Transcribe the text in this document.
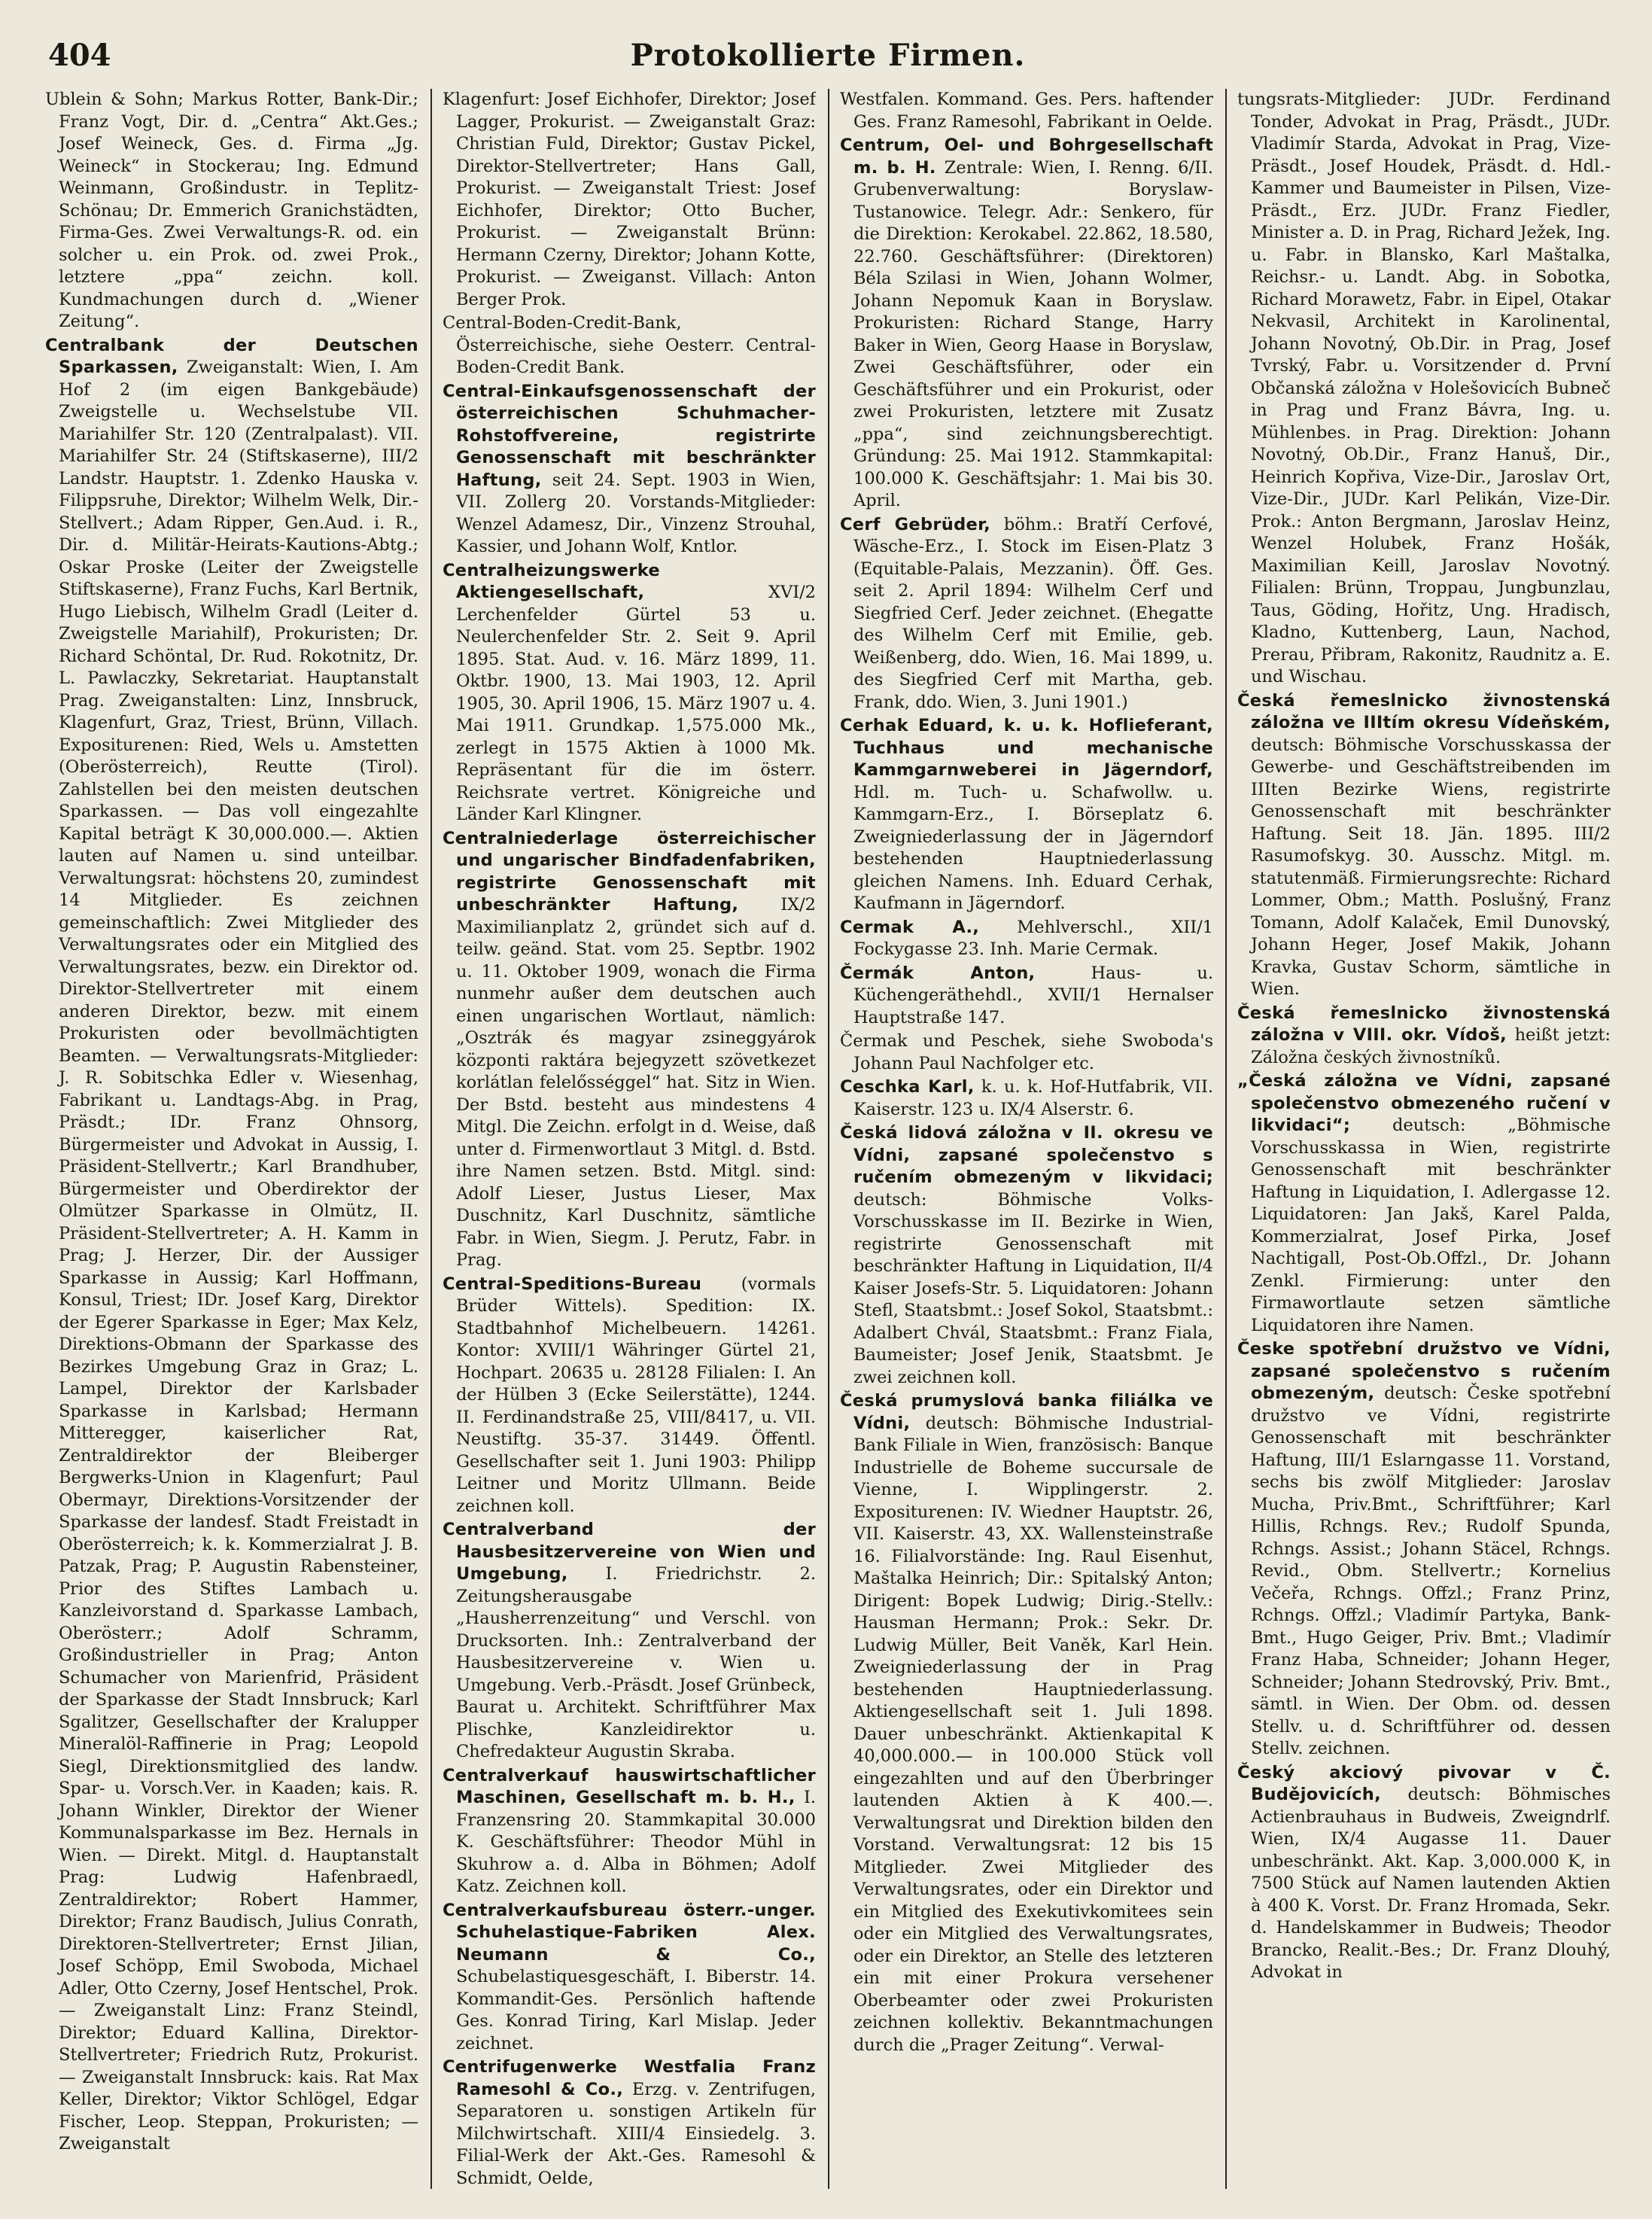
404	Protokollierte Firmen.

Ublein & Sohn; Markus Rotter, Bank-Dir.; Franz Vogt, Dir. d. „Centra“ Akt.Ges.; Josef Weineck, Ges. d. Firma „Jg. Weineck“ in Stockerau; Ing. Edmund Weinmann, Großindustr. in Teplitz-Schönau; Dr. Emmerich Granichstädten, Firma-Ges. Zwei Verwaltungs-R. od. ein solcher u. ein Prok. od. zwei Prok., letztere „ppa“ zeichn. koll. Kundmachungen durch d. „Wiener Zeitung“.

Centralbank der Deutschen Sparkassen, Zweiganstalt: Wien, I. Am Hof 2 (im eigen Bankgebäude) Zweigstelle u. Wechselstube VII. Mariahilfer Str. 120 (Zentralpalast). VII. Mariahilfer Str. 24 (Stiftskaserne), III/2 Landstr. Hauptstr. 1. Zdenko Hauska v. Filippsruhe, Direktor; Wilhelm Welk, Dir.-Stellvert.; Adam Ripper, Gen.Aud. i. R., Dir. d. Militär-Heirats-Kautions-Abtg.; Oskar Proske (Leiter der Zweigstelle Stiftskaserne), Franz Fuchs, Karl Bertnik, Hugo Liebisch, Wilhelm Gradl (Leiter d. Zweigstelle Mariahilf), Prokuristen; Dr. Richard Schöntal, Dr. Rud. Rokotnitz, Dr. L. Pawlaczky, Sekretariat. Hauptanstalt Prag. Zweiganstalten: Linz, Innsbruck, Klagenfurt, Graz, Triest, Brünn, Villach. Expositurenen: Ried, Wels u. Amstetten (Oberösterreich), Reutte (Tirol). Zahlstellen bei den meisten deutschen Sparkassen. — Das voll eingezahlte Kapital beträgt K 30,000.000.—. Aktien lauten auf Namen u. sind unteilbar. Verwaltungsrat: höchstens 20, zumindest 14 Mitglieder. Es zeichnen gemeinschaftlich: Zwei Mitglieder des Verwaltungsrates oder ein Mitglied des Verwaltungsrates, bezw. ein Direktor od. Direktor-Stellvertreter mit einem anderen Direktor, bezw. mit einem Prokuristen oder bevollmächtigten Beamten. — Verwaltungsrats-Mitglieder: J. R. Sobitschka Edler v. Wiesenhag, Fabrikant u. Landtags-Abg. in Prag, Präsdt.; IDr. Franz Ohnsorg, Bürgermeister und Advokat in Aussig, I. Präsident-Stellvertr.; Karl Brandhuber, Bürgermeister und Oberdirektor der Olmützer Sparkasse in Olmütz, II. Präsident-Stellvertreter; A. H. Kamm in Prag; J. Herzer, Dir. der Aussiger Sparkasse in Aussig; Karl Hoffmann, Konsul, Triest; IDr. Josef Karg, Direktor der Egerer Sparkasse in Eger; Max Kelz, Direktions-Obmann der Sparkasse des Bezirkes Umgebung Graz in Graz; L. Lampel, Direktor der Karlsbader Sparkasse in Karlsbad; Hermann Mitteregger, kaiserlicher Rat, Zentraldirektor der Bleiberger Bergwerks-Union in Klagenfurt; Paul Obermayr, Direktions-Vorsitzender der Sparkasse der landesf. Stadt Freistadt in Oberösterreich; k. k. Kommerzialrat J. B. Patzak, Prag; P. Augustin Rabensteiner, Prior des Stiftes Lambach u. Kanzleivorstand d. Sparkasse Lambach, Oberösterr.; Adolf Schramm, Großindustrieller in Prag; Anton Schumacher von Marienfrid, Präsident der Sparkasse der Stadt Innsbruck; Karl Sgalitzer, Gesellschafter der Kralupper Mineralöl-Raffinerie in Prag; Leopold Siegl, Direktionsmitglied des landw. Spar- u. Vorsch.Ver. in Kaaden; kais. R. Johann Winkler, Direktor der Wiener Kommunalsparkasse im Bez. Hernals in Wien. — Direkt. Mitgl. d. Hauptanstalt Prag: Ludwig Hafenbraedl, Zentraldirektor; Robert Hammer, Direktor; Franz Baudisch, Julius Conrath, Direktoren-Stellvertreter; Ernst Jilian, Josef Schöpp, Emil Swoboda, Michael Adler, Otto Czerny, Josef Hentschel, Prok. — Zweiganstalt Linz: Franz Steindl, Direktor; Eduard Kallina, Direktor-Stellvertreter; Friedrich Rutz, Prokurist. — Zweiganstalt Innsbruck: kais. Rat Max Keller, Direktor; Viktor Schlögel, Edgar Fischer, Leop. Steppan, Prokuristen; — Zweiganstalt

Klagenfurt: Josef Eichhofer, Direktor; Josef Lagger, Prokurist. — Zweiganstalt Graz: Christian Fuld, Direktor; Gustav Pickel, Direktor-Stellvertreter; Hans Gall, Prokurist. — Zweiganstalt Triest: Josef Eichhofer, Direktor; Otto Bucher, Prokurist. — Zweiganstalt Brünn: Hermann Czerny, Direktor; Johann Kotte, Prokurist. — Zweiganst. Villach: Anton Berger Prok.

Central-Boden-Credit-Bank, Österreichische, siehe Oesterr. Central-Boden-Credit Bank.

Central-Einkaufsgenossenschaft der österreichischen Schuhmacher-Rohstoffvereine, registrirte Genossenschaft mit beschränkter Haftung, seit 24. Sept. 1903 in Wien, VII. Zollerg 20. Vorstands-Mitglieder: Wenzel Adamesz, Dir., Vinzenz Strouhal, Kassier, und Johann Wolf, Kntlor.

Centralheizungswerke Aktiengesellschaft,	XVI/2 Lerchenfelder Gürtel 53 u. Neulerchenfelder Str. 2. Seit 9. April 1895. Stat. Aud. v. 16. März 1899, 11. Oktbr. 1900, 13. Mai 1903, 12. April 1905, 30. April 1906, 15. März 1907 u. 4. Mai 1911. Grundkap. 1,575.000 Mk., zerlegt in 1575 Aktien à 1000 Mk. Repräsentant für die im österr. Reichsrate vertret. Königreiche und Länder Karl Klingner.

Centralniederlage österreichischer und ungarischer Bindfadenfabriken, registrirte Genossenschaft mit unbeschränkter Haftung, IX/2 Maximilianplatz 2, gründet sich auf d. teilw. geänd. Stat. vom 25. Septbr. 1902 u. 11. Oktober 1909, wonach die Firma nunmehr außer dem deutschen auch einen ungarischen Wortlaut, nämlich: „Osztrák és magyar zsineggyárok központi raktára bejegyzett szövetkezet korlátlan felelősséggel“ hat. Sitz in Wien. Der Bstd. besteht aus mindestens 4 Mitgl. Die Zeichn. erfolgt in d. Weise, daß unter d. Firmenwortlaut 3 Mitgl. d. Bstd. ihre Namen setzen. Bstd. Mitgl. sind: Adolf Lieser, Justus Lieser, Max Duschnitz, Karl Duschnitz, sämtliche Fabr. in Wien, Siegm. J. Perutz, Fabr. in Prag.

Central-Speditions-Bureau (vormals Brüder Wittels). Spedition: IX. Stadtbahnhof Michelbeuern. 14261. Kontor: XVIII/1 Währinger Gürtel 21, Hochpart. 20635 u. 28128 Filialen: I. An der Hülben 3 (Ecke Seilerstätte), 1244. II. Ferdinandstraße 25, VIII/8417, u. VII. Neustiftg. 35-37. 31449. Öffentl. Gesellschafter seit 1. Juni 1903: Philipp Leitner und Moritz Ullmann. Beide zeichnen koll.

Centralverband der Hausbesitzervereine von Wien und Umgebung, I. Friedrichstr. 2. Zeitungsherausgabe „Hausherrenzeitung“ und Verschl. von Drucksorten. Inh.: Zentralverband der Hausbesitzervereine v. Wien u. Umgebung. Verb.-Präsdt. Josef Grünbeck, Baurat u. Architekt. Schriftführer Max Plischke, Kanzleidirektor u. Chefredakteur Augustin Skraba.

Centralverkauf hauswirtschaftlicher Maschinen, Gesellschaft m. b. H., I. Franzensring 20. Stammkapital 30.000 K. Geschäftsführer: Theodor Mühl in Skuhrow a. d. Alba in Böhmen; Adolf Katz. Zeichnen koll.

Centralverkaufsbureau österr.-unger. Schuhelastique-Fabriken Alex. Neumann & Co., Schubelastiquesgeschäft, I. Biberstr. 14. Kommandit-Ges. Persönlich haftende Ges. Konrad Tiring, Karl Mislap. Jeder zeichnet.

Centrifugenwerke Westfalia Franz Ramesohl & Co., Erzg. v. Zentrifugen, Separatoren u. sonstigen Artikeln für Milchwirtschaft. XIII/4 Einsiedelg. 3. Filial-Werk der Akt.-Ges. Ramesohl & Schmidt, Oelde,

Westfalen. Kommand. Ges. Pers. haftender Ges. Franz Ramesohl, Fabrikant in Oelde.

Centrum, Oel- und Bohrgesellschaft m. b. H. Zentrale: Wien, I. Renng. 6/II. Grubenverwaltung: Boryslaw-Tustanowice. Telegr. Adr.: Senkero, für die Direktion: Kerokabel. 22.862, 18.580, 22.760. Geschäftsführer: (Direktoren) Béla Szilasi in Wien, Johann Wolmer, Johann Nepomuk Kaan in Boryslaw. Prokuristen: Richard Stange, Harry Baker in Wien, Georg Haase in Boryslaw, Zwei Geschäftsführer, oder ein Geschäftsführer und ein Prokurist, oder zwei Prokuristen, letztere mit Zusatz „ppa“, sind zeichnungsberechtigt. Gründung: 25. Mai 1912. Stammkapital: 100.000 K. Geschäftsjahr: 1. Mai bis 30. April.

Cerf Gebrüder, böhm.: Bratří Cerfové, Wäsche-Erz., I. Stock im Eisen-Platz 3 (Equitable-Palais, Mezzanin). Öff. Ges. seit 2. April 1894: Wilhelm Cerf und Siegfried Cerf. Jeder zeichnet. (Ehegatte des Wilhelm Cerf mit Emilie, geb. Weißenberg, ddo. Wien, 16. Mai 1899, u. des Siegfried Cerf mit Martha, geb. Frank, ddo. Wien, 3. Juni 1901.)

Cerhak Eduard, k. u. k. Hoflieferant, Tuchhaus und mechanische Kammgarnweberei in Jägerndorf, Hdl. m. Tuch- u. Schafwollw. u. Kammgarn-Erz., I. Börseplatz 6. Zweigniederlassung der in Jägerndorf bestehenden Hauptniederlassung gleichen Namens. Inh. Eduard Cerhak, Kaufmann in Jägerndorf.

Cermak A., Mehlverschl., XII/1 Fockygasse 23. Inh. Marie Cermak.

Čermák Anton,	Haus- u. Küchengeräthehdl., XVII/1 Hernalser Hauptstraße 147.

Čermak und Peschek, siehe Swoboda's Johann Paul Nachfolger etc.

Ceschka Karl, k. u. k. Hof-Hutfabrik, VII. Kaiserstr. 123 u. IX/4 Alserstr. 6.

Česká lidová záložna v II. okresu ve Vídni, zapsané společenstvo s ručením obmezeným v likvidaci; deutsch: Böhmische Volks-Vorschusskasse im II. Bezirke in Wien, registrirte Genossenschaft mit beschränkter Haftung in Liquidation, II/4 Kaiser Josefs-Str. 5. Liquidatoren: Johann Stefl, Staatsbmt.: Josef Sokol, Staatsbmt.: Adalbert Chvál, Staatsbmt.: Franz Fiala, Baumeister; Josef Jenik, Staatsbmt. Je zwei zeichnen koll.

Česká prumyslová banka filiálka ve Vídni, deutsch: Böhmische Industrial-Bank Filiale in Wien, französisch: Banque Industrielle de Boheme succursale de Vienne, I. Wipplingerstr. 2. Expositurenen: IV. Wiedner Hauptstr. 26, VII. Kaiserstr. 43, XX. Wallensteinstraße 16. Filialvorstände: Ing. Raul Eisenhut, Maštalka Heinrich; Dir.: Spitalský Anton; Dirigent: Bopek Ludwig; Dirig.-Stellv.: Hausman Hermann; Prok.: Sekr. Dr. Ludwig Müller, Beit Vaněk, Karl Hein. Zweigniederlassung der in Prag bestehenden Hauptniederlassung. Aktiengesellschaft seit 1. Juli 1898. Dauer unbeschränkt. Aktienkapital K 40,000.000.— in 100.000 Stück voll eingezahlten und auf den Überbringer lautenden Aktien à K 400.—. Verwaltungsrat und Direktion bilden den Vorstand. Verwaltungsrat: 12 bis 15 Mitglieder. Zwei Mitglieder des Verwaltungsrates, oder ein Direktor und ein Mitglied des Exekutivkomitees sein oder ein Mitglied des Verwaltungsrates, oder ein Direktor, an Stelle des letzteren ein mit einer Prokura versehener Oberbeamter oder zwei Prokuristen zeichnen kollektiv. Bekanntmachungen durch die „Prager Zeitung“. Verwal-

tungsrats-Mitglieder: JUDr. Ferdinand Tonder, Advokat in Prag, Präsdt., JUDr. Vladimír Starda, Advokat in Prag, Vize-Präsdt., Josef Houdek, Präsdt. d. Hdl.-Kammer und Baumeister in Pilsen, Vize-Präsdt., Erz. JUDr. Franz Fiedler, Minister a. D. in Prag, Richard Ježek, Ing. u. Fabr. in Blansko, Karl Maštalka, Reichsr.- u. Landt. Abg. in Sobotka, Richard Morawetz, Fabr. in Eipel, Otakar Nekvasil, Architekt in Karolinental, Johann Novotný, Ob.Dir. in Prag, Josef Tvrský, Fabr. u. Vorsitzender d. První Občanská záložna v Holešovicích Bubneč in Prag und Franz Bávra, Ing. u. Mühlenbes. in Prag. Direktion: Johann Novotný, Ob.Dir., Franz Hanuš, Dir., Heinrich Kopřiva, Vize-Dir., Jaroslav Ort, Vize-Dir., JUDr. Karl Pelikán, Vize-Dir. Prok.: Anton Bergmann, Jaroslav Heinz, Wenzel Holubek, Franz Hošák, Maximilian Keill, Jaroslav Novotný. Filialen: Brünn, Troppau, Jungbunzlau, Taus, Göding, Hořitz, Ung. Hradisch, Kladno, Kuttenberg, Laun, Nachod, Prerau, Přibram, Rakonitz, Raudnitz a. E. und Wischau.

Česká řemeslnicko živnostenská záložna ve IIItím okresu Vídeňském, deutsch: Böhmische Vorschusskassa der Gewerbe- und Geschäftstreibenden im IIIten Bezirke Wiens, registrirte Genossenschaft mit beschränkter Haftung. Seit 18. Jän. 1895. III/2 Rasumofskyg. 30. Ausschz. Mitgl. m. statutenmäß. Firmierungsrechte: Richard Lommer, Obm.; Matth. Poslušný, Franz Tomann, Adolf Kalaček, Emil Dunovský, Johann Heger, Josef Makik, Johann Kravka, Gustav Schorm, sämtliche in Wien.

Česká řemeslnicko živnostenská záložna v VIII. okr. Vídoš, heißt jetzt: Záložna českých živnostníků.

„Česká záložna ve Vídni, zapsané společenstvo obmezeného ručení v likvidaci“; deutsch: „Böhmische Vorschusskassa in Wien, registrirte Genossenschaft mit beschränkter Haftung in Liquidation, I. Adlergasse 12. Liquidatoren: Jan Jakš, Karel Palda, Kommerzialrat, Josef Pirka, Josef Nachtigall, Post-Ob.Offzl., Dr. Johann Zenkl. Firmierung: unter den Firmawortlaute setzen sämtliche Liquidatoren ihre Namen.

Česke spotřební družstvo ve Vídni, zapsané společenstvo s ručením obmezeným, deutsch: Česke spotřební družstvo ve Vídni, registrirte Genossenschaft mit beschränkter Haftung, III/1 Eslarngasse 11. Vorstand, sechs bis zwölf Mitglieder: Jaroslav Mucha, Priv.Bmt., Schriftführer; Karl Hillis, Rchngs. Rev.; Rudolf Spunda, Rchngs. Assist.; Johann Stäcel, Rchngs. Revid., Obm. Stellvertr.; Kornelius Večeřa, Rchngs. Offzl.; Franz Prinz, Rchngs. Offzl.; Vladimír Partyka, Bank-Bmt., Hugo Geiger, Priv. Bmt.; Vladimír Franz Haba, Schneider; Johann Heger, Schneider; Johann Stedrovský, Priv. Bmt., sämtl. in Wien. Der Obm. od. dessen Stellv. u. d. Schriftführer od. dessen Stellv. zeichnen.

Český akciový pivovar v Č. Budějovicích, deutsch: Böhmisches Actienbrauhaus in Budweis, Zweigndrlf. Wien, IX/4 Augasse 11. Dauer unbeschränkt. Akt. Kap. 3,000.000 K, in 7500 Stück auf Namen lautenden Aktien à 400 K. Vorst. Dr. Franz Hromada, Sekr. d. Handelskammer in Budweis; Theodor Brancko, Realit.-Bes.; Dr. Franz Dlouhý, Advokat in
